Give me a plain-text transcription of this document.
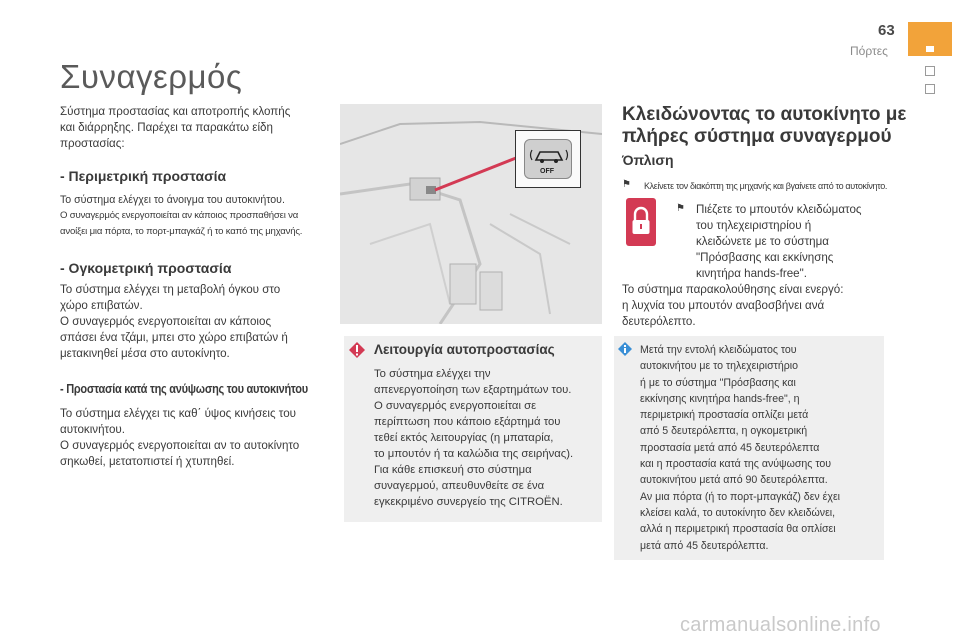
63
Πόρτες
Συναγερμός
Σύστημα προστασίας και αποτροπής κλοπής
και διάρρηξης. Παρέχει τα παρακάτω είδη
προστασίας:
- Περιμετρική προστασία
Το σύστημα ελέγχει το άνοιγμα του αυτοκινήτου.
Ο συναγερμός ενεργοποιείται αν κάποιος προσπαθήσει να
ανοίξει μια πόρτα, το πορτ-μπαγκάζ ή το καπό της μηχανής.
- Ογκομετρική προστασία
Το σύστημα ελέγχει τη μεταβολή όγκου στο
χώρο επιβατών.
Ο συναγερμός ενεργοποιείται αν κάποιος
σπάσει ένα τζάμι, μπει στο χώρο επιβατών ή
μετακινηθεί μέσα στο αυτοκίνητο.
- Προστασία κατά της ανύψωσης του αυτοκινήτου
Το σύστημα ελέγχει τις καθ΄ ύψος κινήσεις του
αυτοκινήτου.
Ο συναγερμός ενεργοποιείται αν το αυτοκίνητο
σηκωθεί, μετατοπιστεί ή χτυπηθεί.
OFF
Λειτουργία αυτοπροστασίας
Το σύστημα ελέγχει την
απενεργοποίηση των εξαρτημάτων του.
Ο συναγερμός ενεργοποιείται σε
περίπτωση που κάποιο εξάρτημά του
τεθεί εκτός λειτουργίας (η μπαταρία,
το μπουτόν ή τα καλώδια της σειρήνας).
Για κάθε επισκευή στο σύστημα
συναγερμού, απευθυνθείτε σε ένα
εγκεκριμένο συνεργείο της CITROËN.
Κλειδώνοντας το αυτοκίνητο με
πλήρες σύστημα συναγερμού
Όπλιση
⚑ Κλείνετε τον διακόπτη της μηχανής και βγαίνετε από το αυτοκίνητο.
⚑ Πιέζετε το μπουτόν κλειδώματος
του τηλεχειριστηρίου ή
κλειδώνετε με το σύστημα
"Πρόσβασης και εκκίνησης
κινητήρα hands-free".
Το σύστημα παρακολούθησης είναι ενεργό:
η λυχνία του μπουτόν αναβοσβήνει ανά
δευτερόλεπτο.
Μετά την εντολή κλειδώματος του
αυτοκινήτου με το τηλεχειριστήριο
ή με το σύστημα "Πρόσβασης και
εκκίνησης κινητήρα hands-free", η
περιμετρική προστασία οπλίζει μετά
από 5 δευτερόλεπτα, η ογκομετρική
προστασία μετά από 45 δευτερόλεπτα
και η προστασία κατά της ανύψωσης του
αυτοκινήτου μετά από 90 δευτερόλεπτα.
Αν μια πόρτα (ή το πορτ-μπαγκάζ) δεν έχει
κλείσει καλά, το αυτοκίνητο δεν κλειδώνει,
αλλά η περιμετρική προστασία θα οπλίσει
μετά από 45 δευτερόλεπτα.
carmanualsonline.info
